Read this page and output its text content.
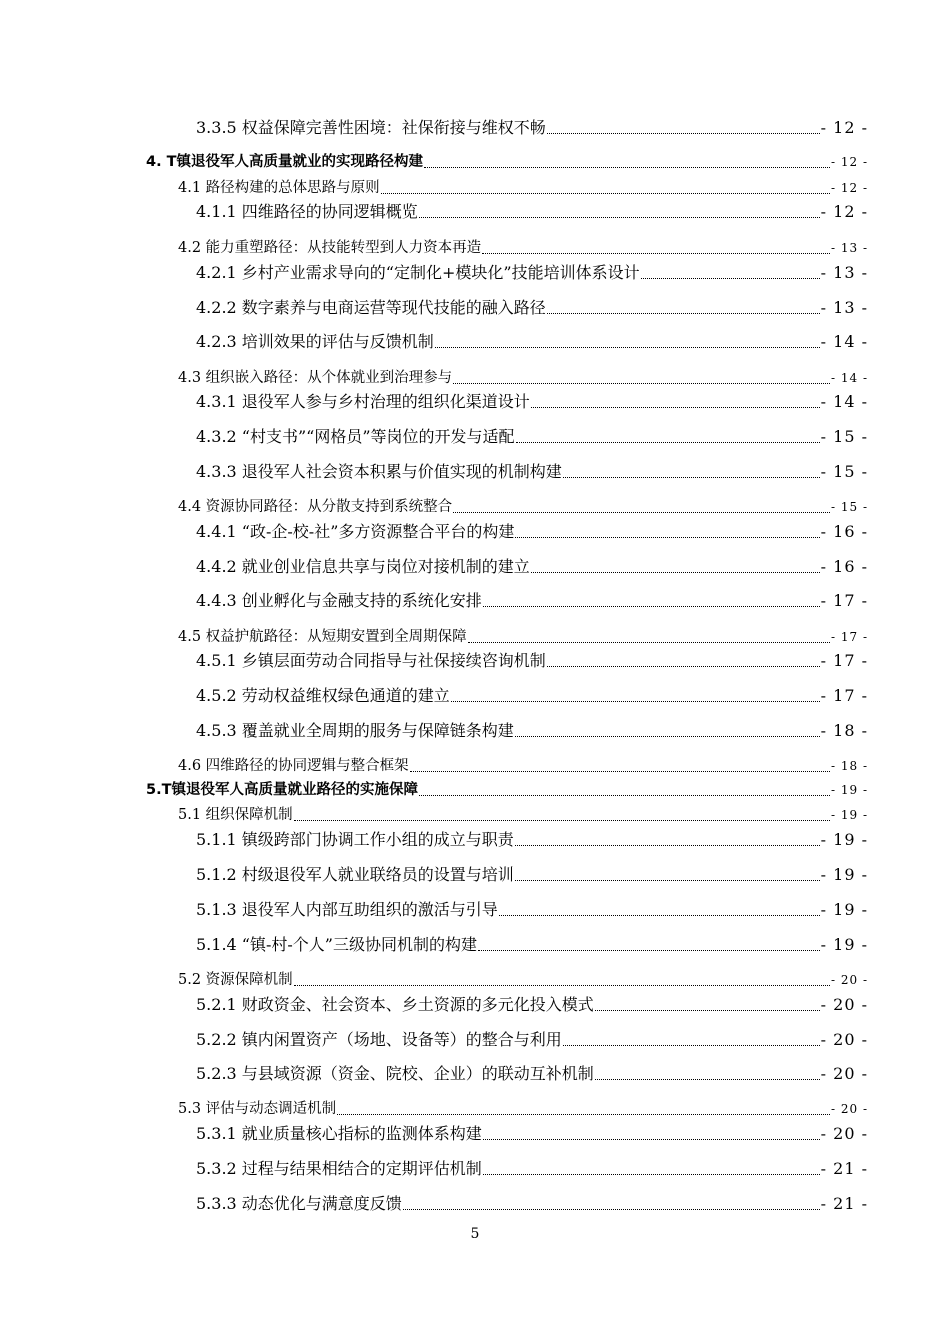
3.3.5 权益保障完善性困境：社保衔接与维权不畅	- 12 -
4. T镇退役军人高质量就业的实现路径构建	- 12 -
4.1 路径构建的总体思路与原则	- 12 -
4.1.1 四维路径的协同逻辑概览	- 12 -
4.2 能力重塑路径：从技能转型到人力资本再造	- 13 -
4.2.1 乡村产业需求导向的“定制化+模块化”技能培训体系设计	- 13 -
4.2.2 数字素养与电商运营等现代技能的融入路径	- 13 -
4.2.3 培训效果的评估与反馈机制	- 14 -
4.3 组织嵌入路径：从个体就业到治理参与	- 14 -
4.3.1 退役军人参与乡村治理的组织化渠道设计	- 14 -
4.3.2 “村支书”“网格员”等岗位的开发与适配	- 15 -
4.3.3 退役军人社会资本积累与价值实现的机制构建	- 15 -
4.4 资源协同路径：从分散支持到系统整合	- 15 -
4.4.1 “政-企-校-社”多方资源整合平台的构建	- 16 -
4.4.2 就业创业信息共享与岗位对接机制的建立	- 16 -
4.4.3 创业孵化与金融支持的系统化安排	- 17 -
4.5 权益护航路径：从短期安置到全周期保障	- 17 -
4.5.1 乡镇层面劳动合同指导与社保接续咨询机制	- 17 -
4.5.2 劳动权益维权绿色通道的建立	- 17 -
4.5.3 覆盖就业全周期的服务与保障链条构建	- 18 -
4.6 四维路径的协同逻辑与整合框架	- 18 -
5.T镇退役军人高质量就业路径的实施保障	- 19 -
5.1 组织保障机制	- 19 -
5.1.1 镇级跨部门协调工作小组的成立与职责	- 19 -
5.1.2 村级退役军人就业联络员的设置与培训	- 19 -
5.1.3 退役军人内部互助组织的激活与引导	- 19 -
5.1.4 “镇-村-个人”三级协同机制的构建	- 19 -
5.2 资源保障机制	- 20 -
5.2.1 财政资金、社会资本、乡土资源的多元化投入模式	- 20 -
5.2.2 镇内闲置资产（场地、设备等）的整合与利用	- 20 -
5.2.3 与县域资源（资金、院校、企业）的联动互补机制	- 20 -
5.3 评估与动态调适机制	- 20 -
5.3.1 就业质量核心指标的监测体系构建	- 20 -
5.3.2 过程与结果相结合的定期评估机制	- 21 -
5.3.3 动态优化与满意度反馈	- 21 -
5
